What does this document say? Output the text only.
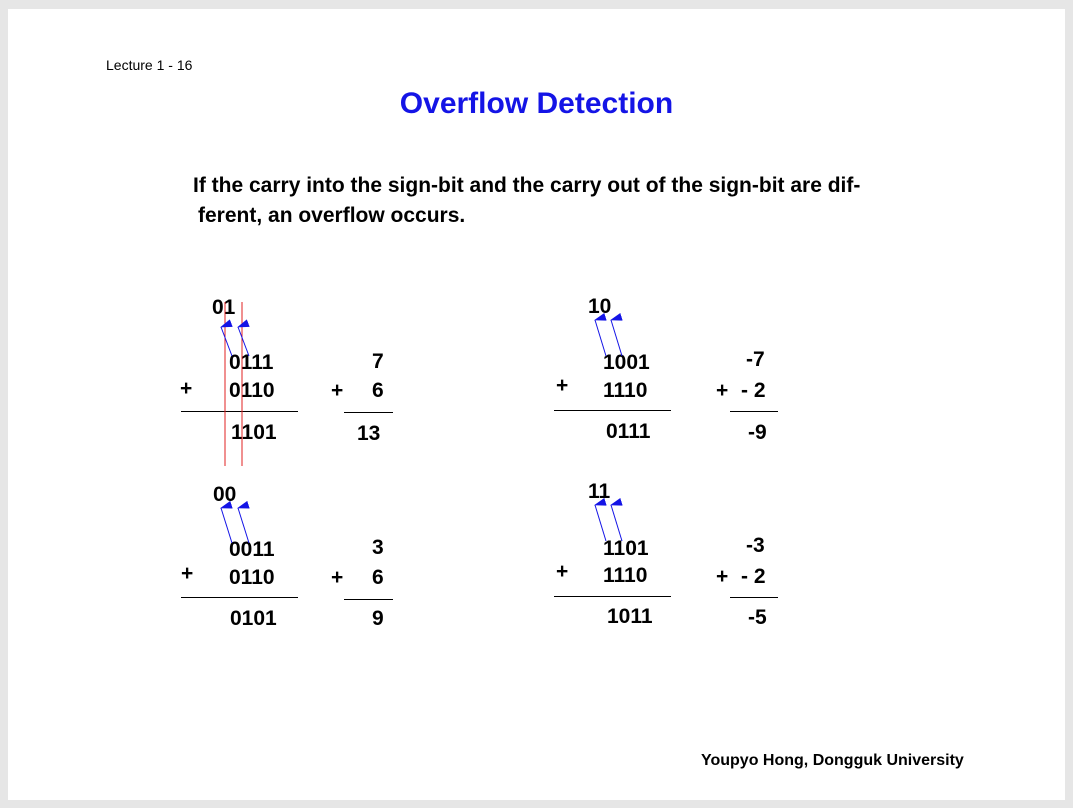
Lecture 1 - 16
Overflow Detection
If the carry into the sign-bit and the carry out of the sign-bit are dif-

ferent, an overflow occurs.
01
0111
+ 0110
1101
7
+ 6
13
10
1001
+ 1110
0111
-7
+ - 2
-9
00
0011
+ 0110
0101
3
+ 6
9
11
1101
+ 1110
1011
-3
+ - 2
-5
Youpyo Hong, Dongguk University
